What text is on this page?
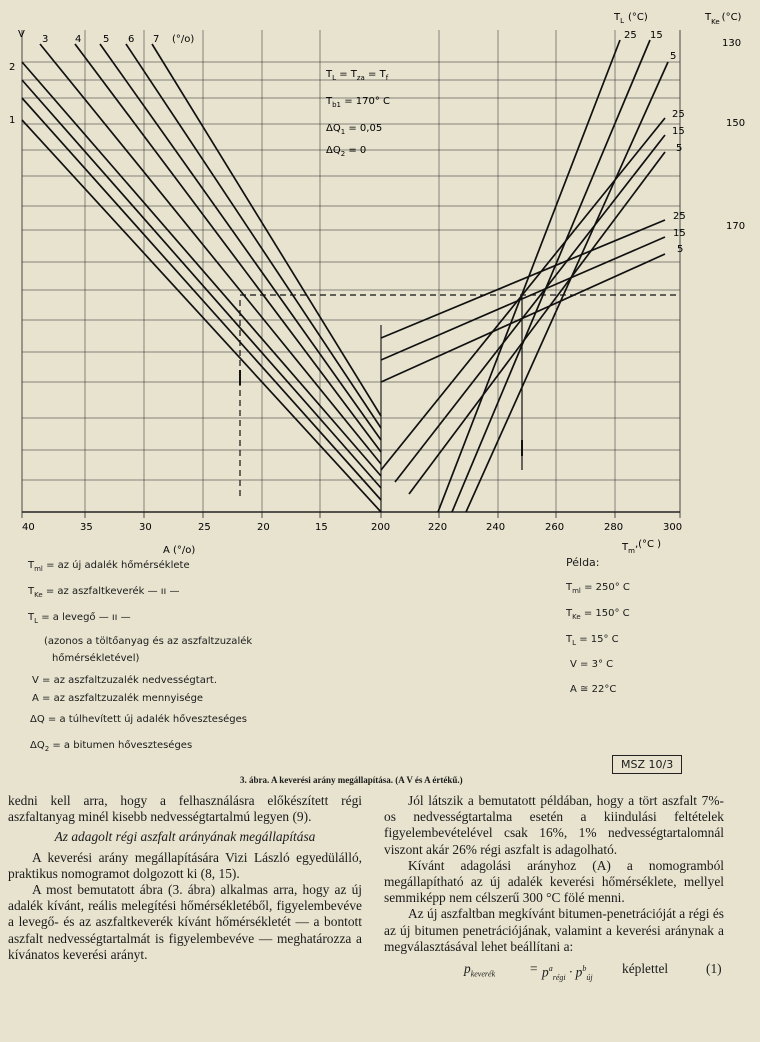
V 3	4 5 6 7 (°/o)
2
1
$T_L$ (°C)
25 15
$T_{Ke}$ (°C)
130
150
170
5
25
15
5
25
15
5
$T_L = T_{za} = T_f$
$T_{b1} = 170^\circ$ C
$\Delta Q_1 = 0,05$
$\Delta Q_2 = 0$
40	35	30	25	20	15	200	220	240	260	280	300
A (°/o)	$T_m,(^\circ C$ )
$T_{ml}$ = az új adalék hőmérséklete
$T_{Ke}$ = az aszfaltkeverék — ıı —
$T_L = a$ levegő — ıı —
(azonos a töltőanyag és az aszfaltzuzalék
hőmérsékletével)
V = az aszfaltzuzalék nedvességtart.
A = az aszfaltzuzalék mennyisége
ΔQ = a túlhevített új adalék hőveszteséges
$\Delta Q_2 = a$ bitumen hőveszteséges
Példa:
$T_{ml} = 250^\circ$ C
$T_{Ke} = 150^\circ$ C
$T_L = 15^\circ$ C
V = 3° C
A ≅ 22°C
MSZ 10/3
3. ábra. A keverési arány megállapítása. (A V és A értékű.)

kedni kell arra, hogy a felhasználásra előkészített régi aszfaltanyag minél kisebb nedvességtartalmú legyen (9).

Az adagolt régi aszfalt arányának megállapítása

A keverési arány megállapítására Vizi László egyedülálló, praktikus nomogramot dolgozott ki (8, 15).

A most bemutatott ábra (3. ábra) alkalmas arra, hogy az új adalék kívánt, reális melegítési hőmérsékletéből, figyelembevéve a levegő- és az aszfaltkeverék kívánt hőmérsékletét — a bontott aszfalt nedvességtartalmát is figyelembevéve — meghatározza a kívánatos keverési arányt.

Jól látszik a bemutatott példában, hogy a tört aszfalt 7%-os nedvességtartalma esetén a kiindulási feltételek figyelembevételével csak 16%, 1% nedvességtartalomnál viszont akár 26% régi aszfalt is adagolható.

Kívánt adagolási arányhoz (A) a nomogramból megállapítható az új adalék keverési hőmérséklete, mellyel semmiképp nem célszerű 300 °C fölé menni.

Az új aszfaltban megkívánt bitumen-penetrációját a régi és az új bitumen penetrációjának, valamint a keverési aránynak a megválasztásával lehet beállítani a:

$p_{keverék}$	= $p^a_{régi} \cdot p^b_{új}$
képlettel	(1)
